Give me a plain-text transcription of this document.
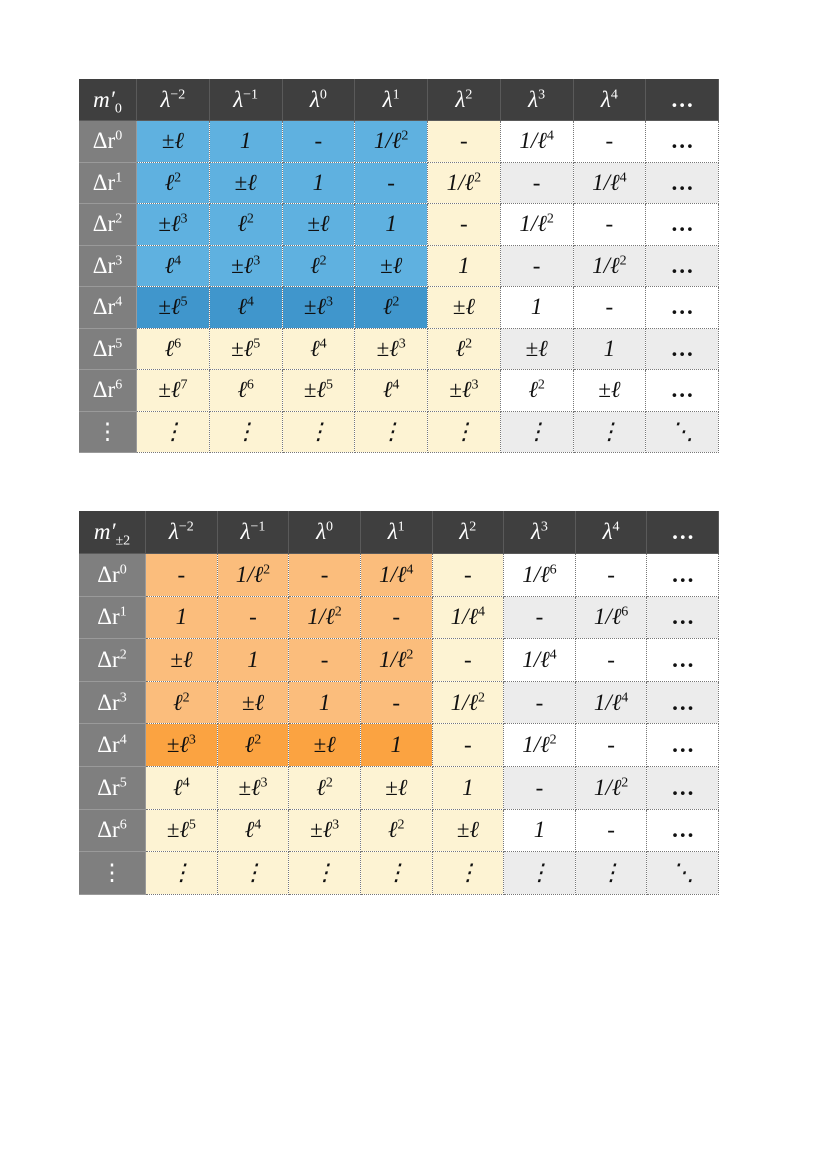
$m'_0$	$\lambda^{-2}$	$\lambda^{-1}$	$\lambda^0$	$\lambda^1$	$\lambda^2$	$\lambda^3$	$\lambda^4$	…
$\Delta r^0$	±ℓ	1	-	1/ℓ$^2$	-	1/ℓ$^4$	-	…
$\Delta r^1$	ℓ$^2$	±ℓ	1	-	1/ℓ$^2$	-	1/ℓ$^4$	…
$\Delta r^2$	±ℓ$^3$	ℓ$^2$	±ℓ	1	-	1/ℓ$^2$	-	…
$\Delta r^3$	ℓ$^4$	±ℓ$^3$	ℓ$^2$	±ℓ	1	-	1/ℓ$^2$	…
$\Delta r^4$	±ℓ$^5$	ℓ$^4$	±ℓ$^3$	ℓ$^2$	±ℓ	1	-	…
$\Delta r^5$	ℓ$^6$	±ℓ$^5$	ℓ$^4$	±ℓ$^3$	ℓ$^2$	±ℓ	1	…
$\Delta r^6$	±ℓ$^7$	ℓ$^6$	±ℓ$^5$	ℓ$^4$	±ℓ$^3$	ℓ$^2$	±ℓ	…
⋮	⋮	⋮	⋮	⋮	⋮	⋮	⋮	⋱
$m'_{\pm 2}$	$\lambda^{-2}$	$\lambda^{-1}$	$\lambda^0$	$\lambda^1$	$\lambda^2$	$\lambda^3$	$\lambda^4$	…
$\Delta r^0$	-	1/ℓ$^2$	-	1/ℓ$^4$	-	1/ℓ$^6$	-	…
$\Delta r^1$	1	-	1/ℓ$^2$	-	1/ℓ$^4$	-	1/ℓ$^6$	…
$\Delta r^2$	±ℓ	1	-	1/ℓ$^2$	-	1/ℓ$^4$	-	…
$\Delta r^3$	ℓ$^2$	±ℓ	1	-	1/ℓ$^2$	-	1/ℓ$^4$	…
$\Delta r^4$	±ℓ$^3$	ℓ$^2$	±ℓ	1	-	1/ℓ$^2$	-	…
$\Delta r^5$	ℓ$^4$	±ℓ$^3$	ℓ$^2$	±ℓ	1	-	1/ℓ$^2$	…
$\Delta r^6$	±ℓ$^5$	ℓ$^4$	±ℓ$^3$	ℓ$^2$	±ℓ	1	-	…
⋮	⋮	⋮	⋮	⋮	⋮	⋮	⋮	⋱
